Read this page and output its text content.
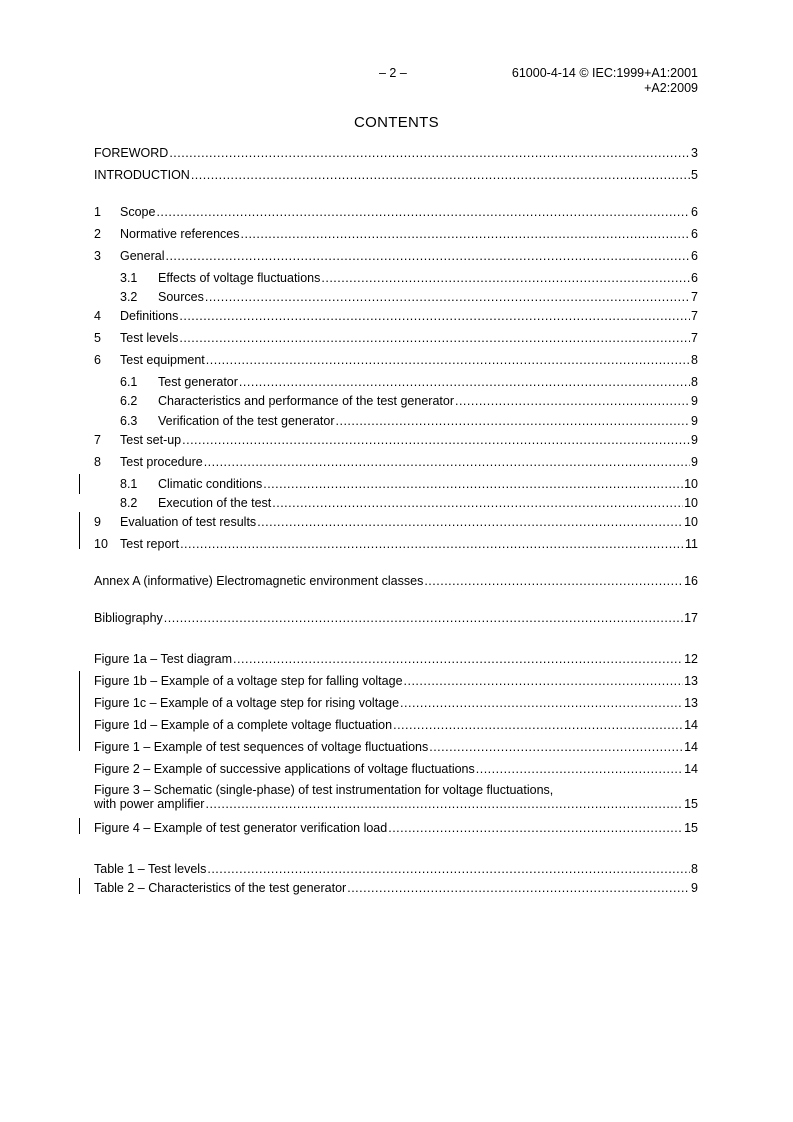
– 2 –	61000-4-14 © IEC:1999+A1:2001
+A2:2009
CONTENTS
FOREWORD .....	3
INTRODUCTION .....	5
1	Scope .....	6
2	Normative references .....	6
3	General .....	6
3.1	Effects of voltage fluctuations .....	6
3.2	Sources .....	7
4	Definitions .....	7
5	Test levels .....	7
6	Test equipment .....	8
6.1	Test generator .....	8
6.2	Characteristics and performance of the test generator .....	9
6.3	Verification of the test generator .....	9
7	Test set-up .....	9
8	Test procedure .....	9
8.1	Climatic conditions .....	10
8.2	Execution of the test .....	10
9	Evaluation of test results .....	10
10 Test report .....	11
Annex A (informative) Electromagnetic environment classes .....	16
Bibliography .....	17
Figure 1a – Test diagram .....	12
Figure 1b – Example of a voltage step for falling voltage .....	13
Figure 1c – Example of a voltage step for rising voltage .....	13
Figure 1d – Example of a complete voltage fluctuation .....	14
Figure 1 – Example of test sequences of voltage fluctuations .....	14
Figure 2 – Example of successive applications of voltage fluctuations .....	14
Figure 3 – Schematic (single-phase) of test instrumentation for voltage fluctuations,
with power amplifier .....	15
Figure 4 – Example of test generator verification load .....	15
Table 1 – Test levels .....	8
Table 2 – Characteristics of the test generator .....	9
